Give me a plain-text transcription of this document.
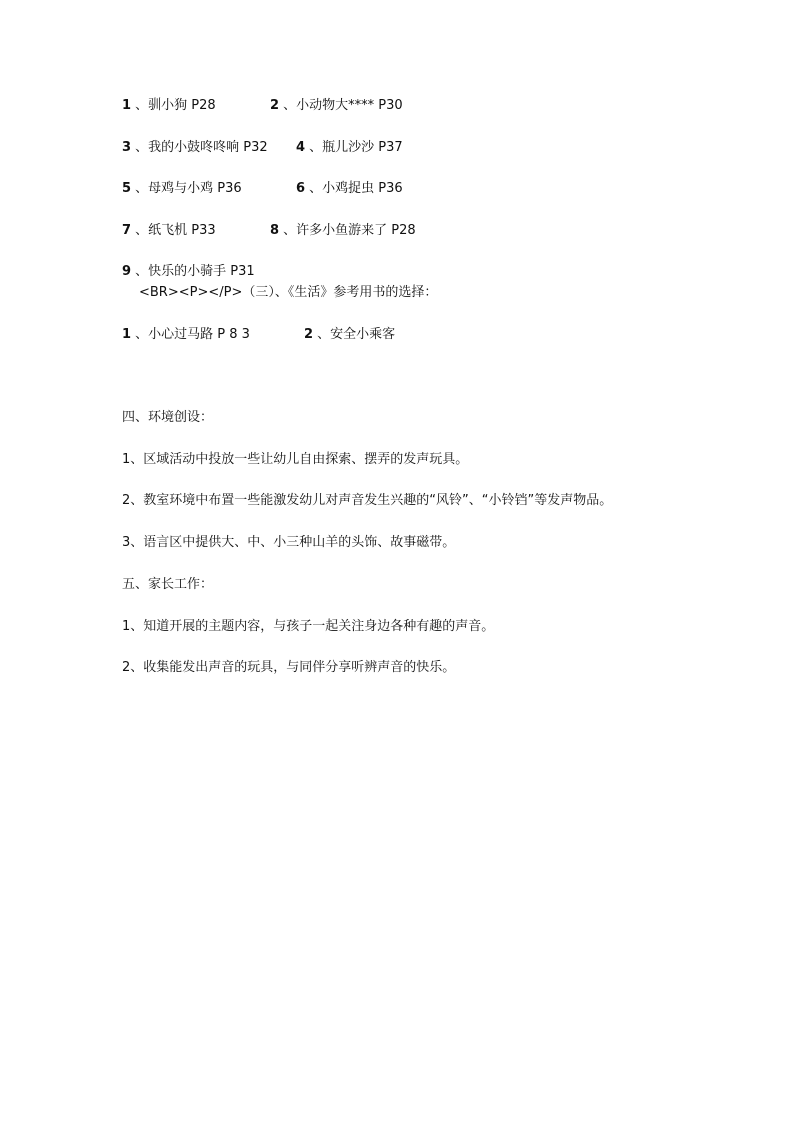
1 、驯小狗 P28	2 、小动物大**** P30
3 、我的小鼓咚咚响 P32 4 、瓶儿沙沙 P37
5 、母鸡与小鸡 P36	6 、小鸡捉虫 P36
7 、纸飞机 P33	8 、许多小鱼游来了 P28
9 、快乐的小骑手 P31
<BR><P></P>（三）、《生活》参考用书的选择：
1 、小心过马路 P 8 3	2 、安全小乘客
四、环境创设：
1、区域活动中投放一些让幼儿自由探索、摆弄的发声玩具。
2、教室环境中布置一些能激发幼儿对声音发生兴趣的“风铃”、“小铃铛”等发声物品。
3、语言区中提供大、中、小三种山羊的头饰、故事磁带。
五、家长工作：
1、知道开展的主题内容，与孩子一起关注身边各种有趣的声音。
2、收集能发出声音的玩具，与同伴分享听辨声音的快乐。
